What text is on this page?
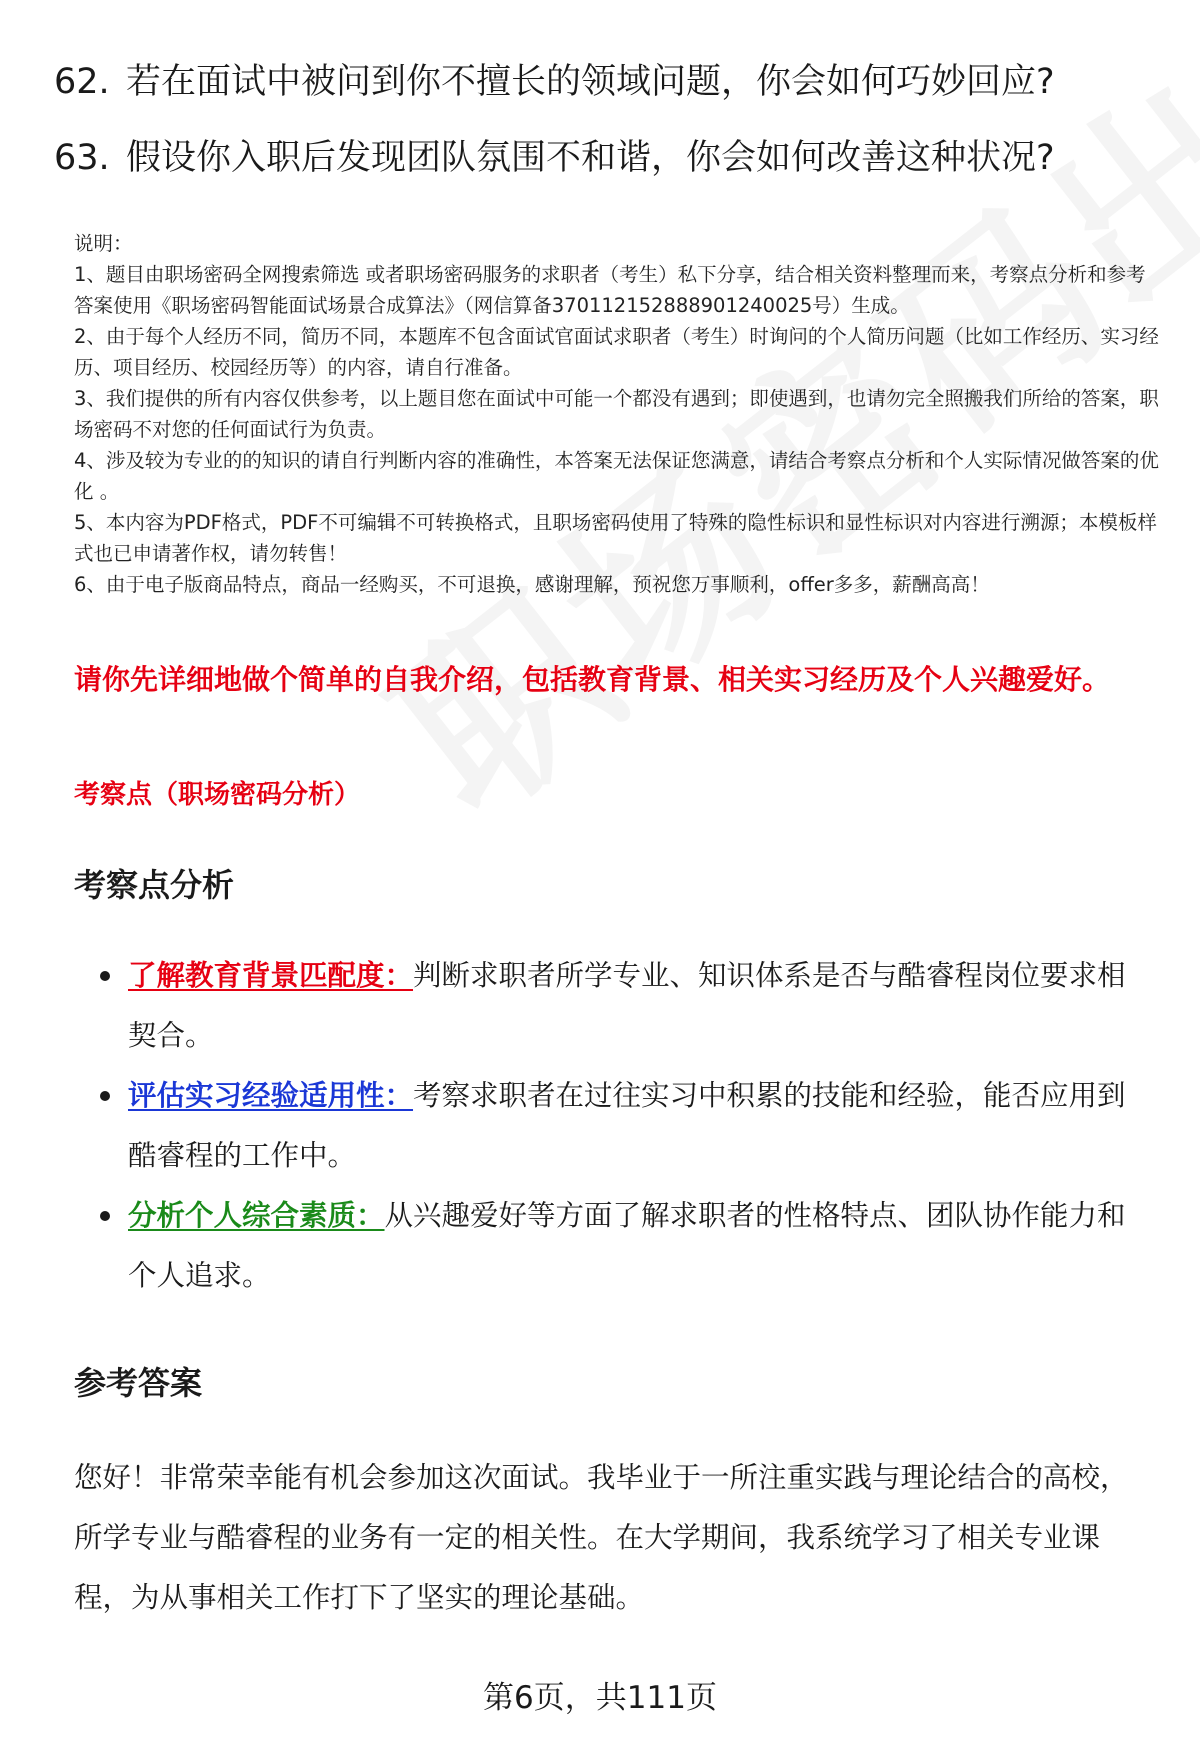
62. 若在面试中被问到你不擅长的领域问题，你会如何巧妙回应?
63. 假设你入职后发现团队氛围不和谐，你会如何改善这种状况?

说明：

1、题目由职场密码全网搜索筛选 或者职场密码服务的求职者（考生）私下分享，结合相关资料整理而来，考察点分析和参考答案使用《职场密码智能面试场景合成算法》（网信算备370112152888901240025号）生成。

2、由于每个人经历不同，简历不同，本题库不包含面试官面试求职者（考生）时询问的个人简历问题（比如工作经历、实习经历、项目经历、校园经历等）的内容，请自行准备。

3、我们提供的所有内容仅供参考，以上题目您在面试中可能一个都没有遇到；即使遇到，也请勿完全照搬我们所给的答案，职场密码不对您的任何面试行为负责。

4、涉及较为专业的的知识的请自行判断内容的准确性，本答案无法保证您满意，请结合考察点分析和个人实际情况做答案的优化 。

5、本内容为PDF格式，PDF不可编辑不可转换格式，且职场密码使用了特殊的隐性标识和显性标识对内容进行溯源；本模板样式也已申请著作权，请勿转售！

6、由于电子版商品特点，商品一经购买，不可退换，感谢理解，预祝您万事顺利，offer多多，薪酬高高！

请你先详细地做个简单的自我介绍，包括教育背景、相关实习经历及个人兴趣爱好。
考察点（职场密码分析）
考察点分析
了解教育背景匹配度：判断求职者所学专业、知识体系是否与酷睿程岗位要求相契合。
评估实习经验适用性：考察求职者在过往实习中积累的技能和经验，能否应用到酷睿程的工作中。
分析个人综合素质：从兴趣爱好等方面了解求职者的性格特点、团队协作能力和个人追求。
参考答案
您好！非常荣幸能有机会参加这次面试。我毕业于一所注重实践与理论结合的高校，所学专业与酷睿程的业务有一定的相关性。在大学期间，我系统学习了相关专业课程，为从事相关工作打下了坚实的理论基础。
第6页，共111页
